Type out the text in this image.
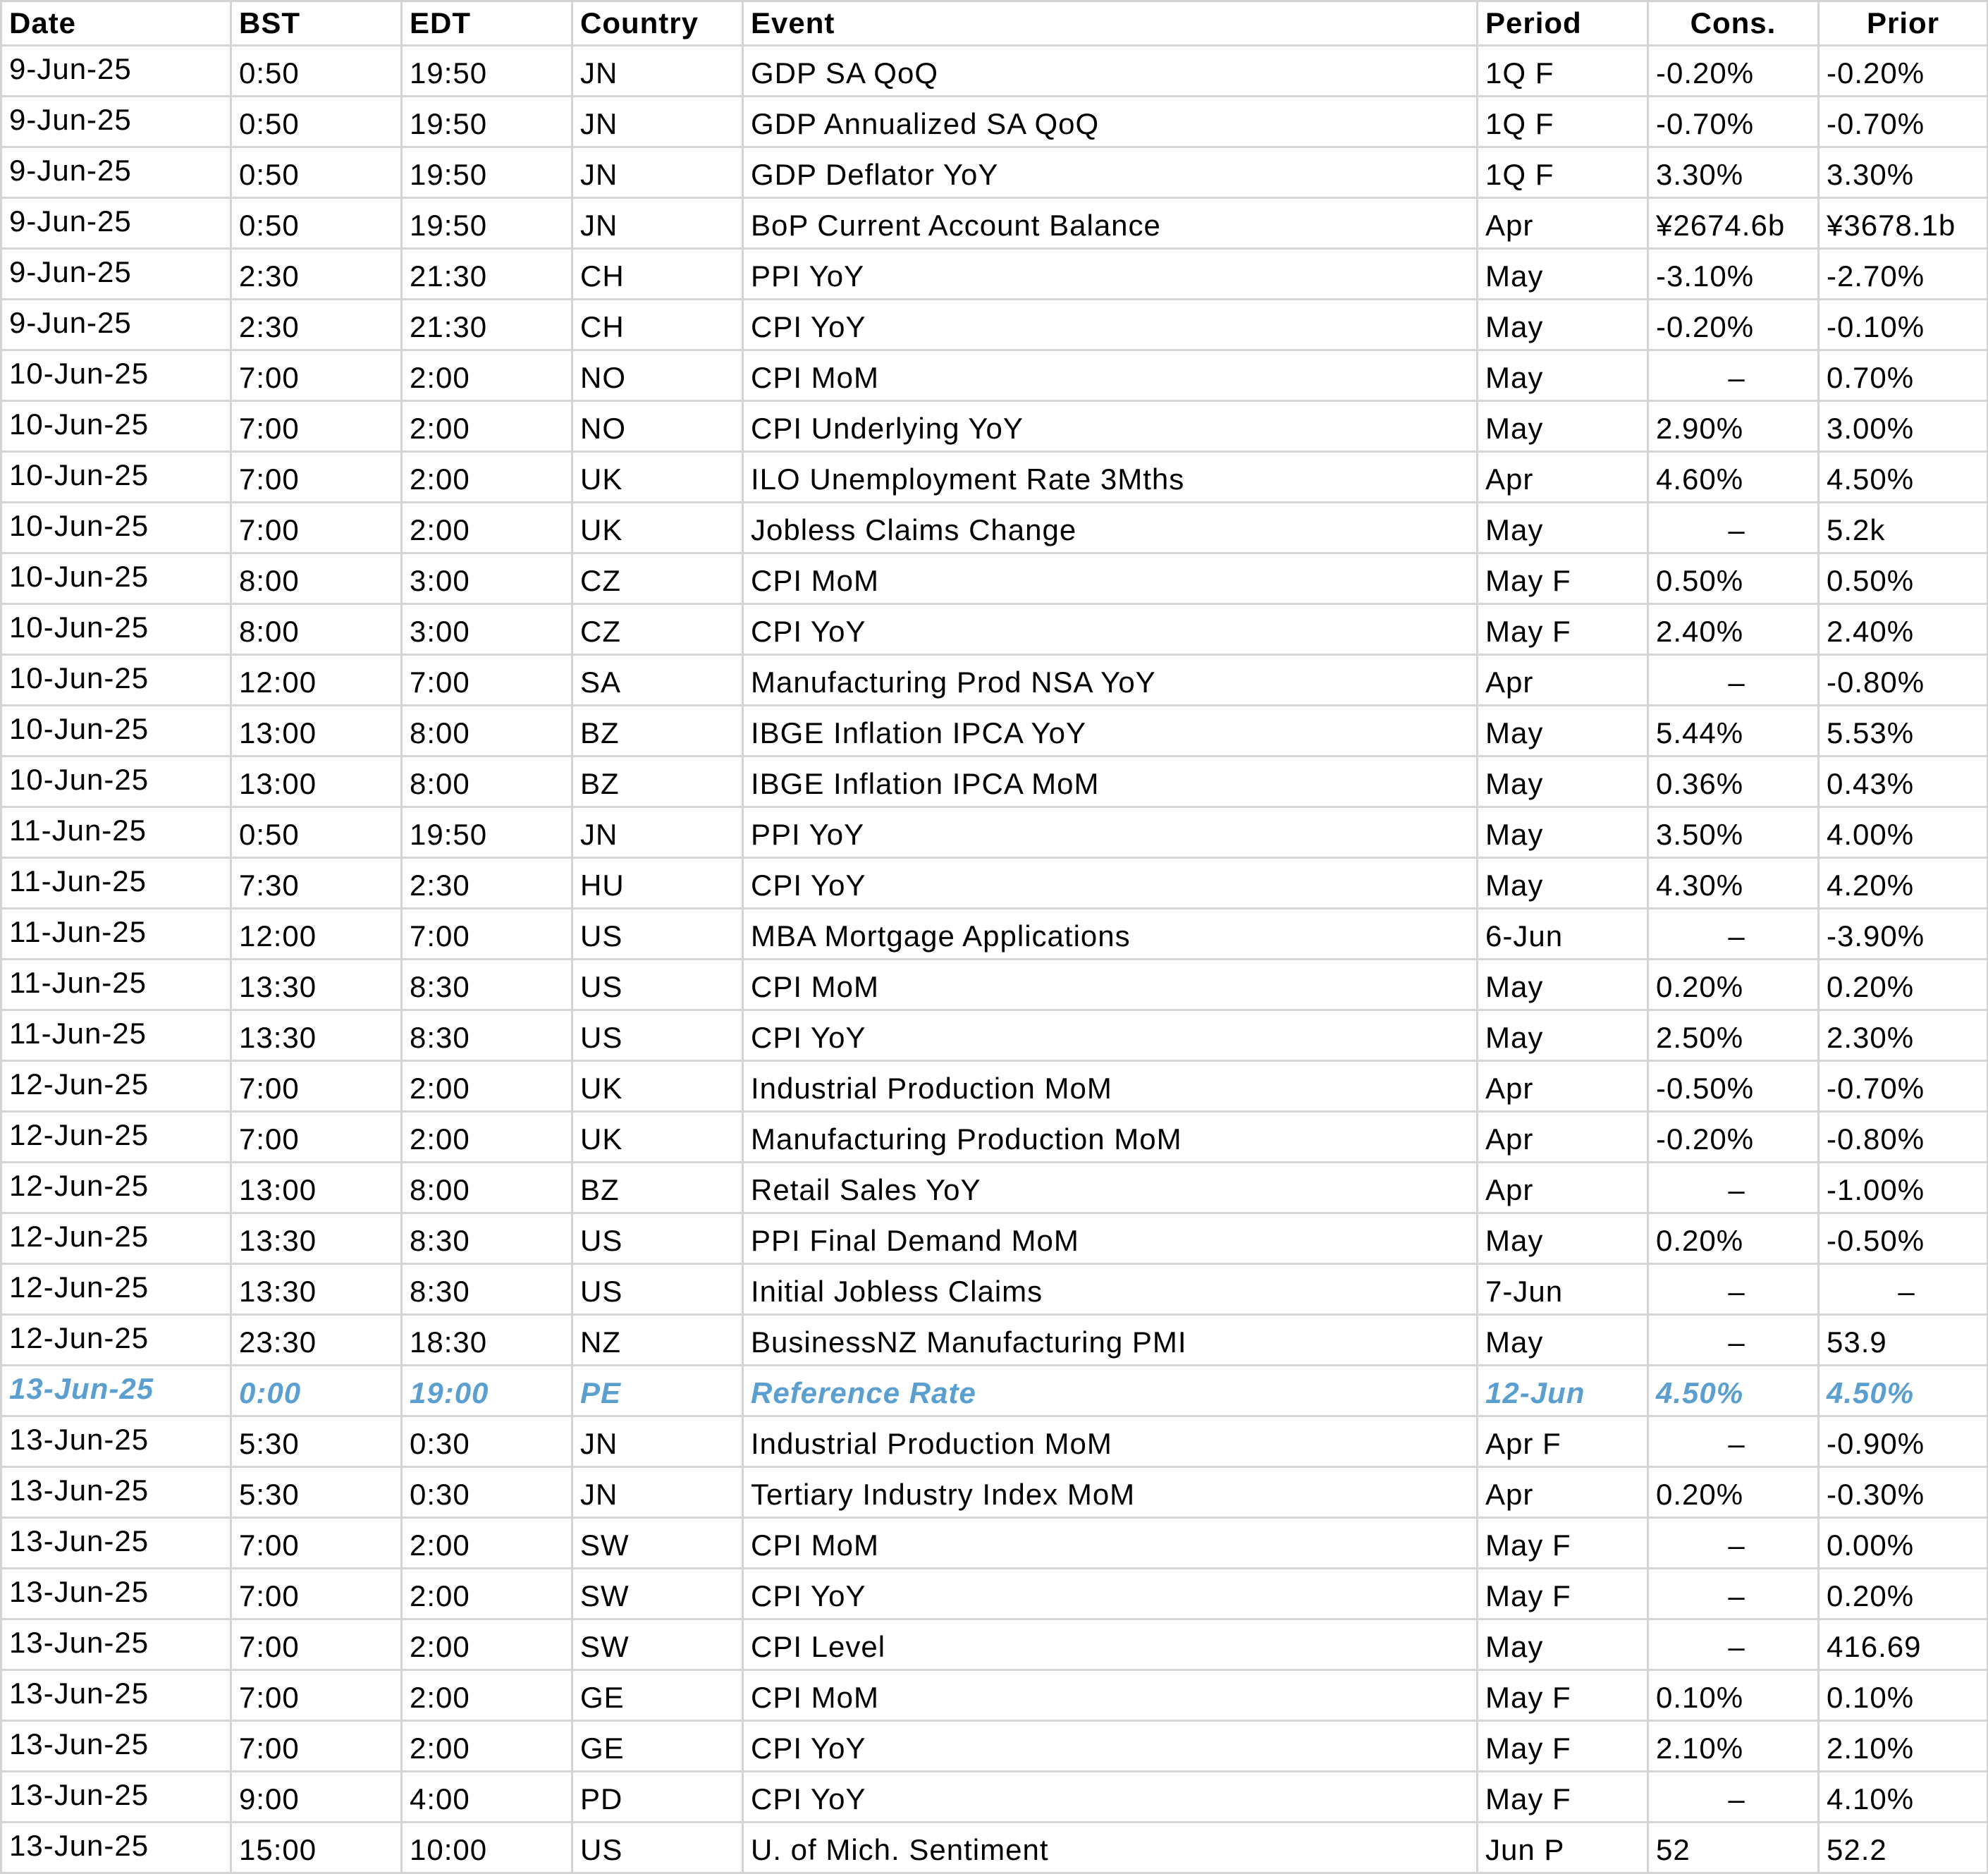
Date	BST	EDT	Country	Event	Period	Cons.	Prior
9-Jun-25	0:50	19:50	JN	GDP SA QoQ	1Q F	-0.20%	-0.20%
9-Jun-25	0:50	19:50	JN	GDP Annualized SA QoQ	1Q F	-0.70%	-0.70%
9-Jun-25	0:50	19:50	JN	GDP Deflator YoY	1Q F	3.30%	3.30%
9-Jun-25	0:50	19:50	JN	BoP Current Account Balance	Apr	¥2674.6b	¥3678.1b
9-Jun-25	2:30	21:30	CH	PPI YoY	May	-3.10%	-2.70%
9-Jun-25	2:30	21:30	CH	CPI YoY	May	-0.20%	-0.10%
10-Jun-25	7:00	2:00	NO	CPI MoM	May	–	0.70%
10-Jun-25	7:00	2:00	NO	CPI Underlying YoY	May	2.90%	3.00%
10-Jun-25	7:00	2:00	UK	ILO Unemployment Rate 3Mths	Apr	4.60%	4.50%
10-Jun-25	7:00	2:00	UK	Jobless Claims Change	May	–	5.2k
10-Jun-25	8:00	3:00	CZ	CPI MoM	May F	0.50%	0.50%
10-Jun-25	8:00	3:00	CZ	CPI YoY	May F	2.40%	2.40%
10-Jun-25	12:00	7:00	SA	Manufacturing Prod NSA YoY	Apr	–	-0.80%
10-Jun-25	13:00	8:00	BZ	IBGE Inflation IPCA YoY	May	5.44%	5.53%
10-Jun-25	13:00	8:00	BZ	IBGE Inflation IPCA MoM	May	0.36%	0.43%
11-Jun-25	0:50	19:50	JN	PPI YoY	May	3.50%	4.00%
11-Jun-25	7:30	2:30	HU	CPI YoY	May	4.30%	4.20%
11-Jun-25	12:00	7:00	US	MBA Mortgage Applications	6-Jun	–	-3.90%
11-Jun-25	13:30	8:30	US	CPI MoM	May	0.20%	0.20%
11-Jun-25	13:30	8:30	US	CPI YoY	May	2.50%	2.30%
12-Jun-25	7:00	2:00	UK	Industrial Production MoM	Apr	-0.50%	-0.70%
12-Jun-25	7:00	2:00	UK	Manufacturing Production MoM	Apr	-0.20%	-0.80%
12-Jun-25	13:00	8:00	BZ	Retail Sales YoY	Apr	–	-1.00%
12-Jun-25	13:30	8:30	US	PPI Final Demand MoM	May	0.20%	-0.50%
12-Jun-25	13:30	8:30	US	Initial Jobless Claims	7-Jun	–	–
12-Jun-25	23:30	18:30	NZ	BusinessNZ Manufacturing PMI	May	–	53.9
13-Jun-25	0:00	19:00	PE	Reference Rate	12-Jun	4.50%	4.50%
13-Jun-25	5:30	0:30	JN	Industrial Production MoM	Apr F	–	-0.90%
13-Jun-25	5:30	0:30	JN	Tertiary Industry Index MoM	Apr	0.20%	-0.30%
13-Jun-25	7:00	2:00	SW	CPI MoM	May F	–	0.00%
13-Jun-25	7:00	2:00	SW	CPI YoY	May F	–	0.20%
13-Jun-25	7:00	2:00	SW	CPI Level	May	–	416.69
13-Jun-25	7:00	2:00	GE	CPI MoM	May F	0.10%	0.10%
13-Jun-25	7:00	2:00	GE	CPI YoY	May F	2.10%	2.10%
13-Jun-25	9:00	4:00	PD	CPI YoY	May F	–	4.10%
13-Jun-25	15:00	10:00	US	U. of Mich. Sentiment	Jun P	52	52.2
